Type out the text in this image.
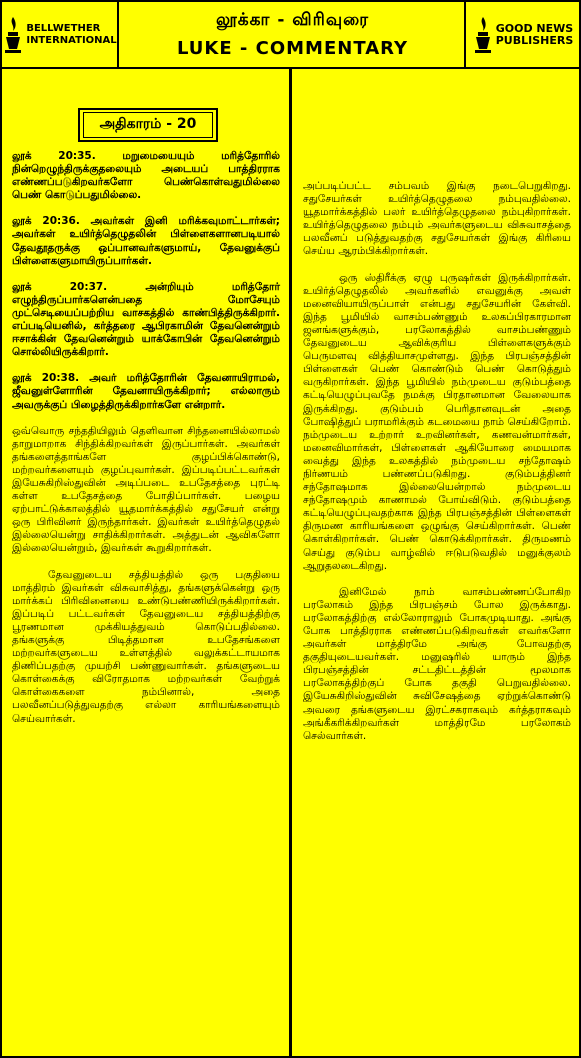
BELLWETHER
INTERNATIONAL
லூக்கா - விரிவுரை
LUKE - COMMENTARY
GOOD NEWS
PUBLISHERS
அதிகாரம் - 20

லூக் 20:35. மறுமையையும் மரித்தோரில் நின்றெழுந்திருக்குதலையும் அடையப் பாத்திரராக எண்ணப்படுகிறவர்களோ பெண்கொள்வதுமில்லை பெண் கொடுப்பதுமில்லை.

லூக் 20:36. அவர்கள் இனி மரிக்கவுமாட்டார்கள்; அவர்கள் உயிர்த்தெழுதலின் பிள்ளைகளானபடியால் தேவதூதருக்கு ஒப்பானவர்களுமாய், தேவனுக்குப் பிள்ளைகளுமாயிருப்பார்கள்.

லூக் 20:37. அன்றியும் மரித்தோர் எழுந்திருப்பார்களென்பதை மோசேயும் முட்செடியைப்பற்றிய வாசகத்தில் காண்பித்திருக்கிறார். எப்படியெனில், கர்த்தரை ஆபிரகாமின் தேவனென்றும் ஈசாக்கின் தேவனென்றும் யாக்கோபின் தேவனென்றும் சொல்லியிருக்கிறார்.

லூக் 20:38. அவர் மரித்தோரின் தேவனாயிராமல், ஜீவனுள்ளோரின் தேவனாயிருக்கிறார்; எல்லாரும் அவருக்குப் பிழைத்திருக்கிறார்களே என்றார்.

ஒவ்வொரு சந்ததியிலும் தெளிவான சிந்தனையில்லாமல் தாறுமாறாக சிந்திக்கிறவர்கள் இருப்பார்கள். அவர்கள் தங்களைத்தாங்களே குழப்பிக்கொண்டு, மற்றவர்களையும் குழப்புவார்கள். இப்படிப்பட்டவர்கள் இயேசுகிறிஸ்துவின் அடிப்படை உபதேசத்தை புரட்டி கள்ள உபதேசத்தை போதிப்பார்கள். பழைய ஏற்பாட்டுக்காலத்தில் யூதமார்க்கத்தில் சதுசேயர் என்று ஒரு பிரிவினர் இருந்தார்கள். இவர்கள் உயிர்த்தெழுதல் இல்லையென்று சாதிக்கிறார்கள். அத்துடன் ஆவிகளோ இல்லையென்றும், இவர்கள் கூறுகிறார்கள்.

தேவனுடைய சத்தியத்தில் ஒரு பகுதியை மாத்திரம் இவர்கள் விசுவாசித்து, தங்களுக்கென்று ஒரு மார்க்கப் பிரிவினையை உண்டுபண்ணியிருக்கிறார்கள். இப்படிப் பட்டவர்கள் தேவனுடைய சத்தியத்திற்கு பூரணமான முக்கியத்துவம் கொடுப்பதில்லை. தங்களுக்கு பிடித்தமான உபதேசங்களை மற்றவர்களுடைய உள்ளத்தில் வலுக்கட்டாயமாக திணிப்பதற்கு முயற்சி பண்ணுவார்கள். தங்களுடைய கொள்கைக்கு விரோதமாக மற்றவர்கள் வேற்றுக் கொள்கைகளை நம்பினால், அதை பலவீனப்படுத்துவதற்கு எல்லா காரியங்களையும் செய்வார்கள்.

அப்படிப்பட்ட சம்பவம் இங்கு நடைபெறுகிறது. சதுசேயர்கள் உயிர்த்தெழுதலை நம்புவதில்லை. யூதமார்க்கத்தில் பலர் உயிர்த்தெழுதலை நம்புகிறார்கள். உயிர்த்தெழுதலை நம்பும் அவர்களுடைய விசுவாசத்தை பலவீனப் படுத்துவதற்கு சதுசேயர்கள் இங்கு கிரியை செய்ய ஆரம்பிக்கிறார்கள்.

ஒரு ஸ்திரீக்கு ஏழு புருஷர்கள் இருக்கிறார்கள். உயிர்த்தெழுதலில் அவர்களில் எவனுக்கு அவள் மனைவியாயிருப்பாள் என்பது சதுசேயரின் கேள்வி. இந்த பூமியில் வாசம்பண்ணும் உலகப்பிரகாரமான ஜனங்களுக்கும், பரலோகத்தில் வாசம்பண்ணும் தேவனுடைய ஆவிக்குரிய பிள்ளைகளுக்கும் பெருமளவு வித்தியாசமுள்ளது. இந்த பிரபஞ்சத்தின் பிள்ளைகள் பெண் கொண்டும் பெண் கொடுத்தும் வருகிறார்கள். இந்த பூமியில் நம்முடைய குடும்பத்தை கட்டியெழுப்புவதே நமக்கு பிரதானமான வேலையாக இருக்கிறது. குடும்பம் பெரிதானவுடன் அதை போஷித்துப் பராமரிக்கும் கடமையை நாம் செய்கிறோம். நம்முடைய உற்றார் உறவினர்கள், கணவன்மார்கள், மனைவிமார்கள், பிள்ளைகள் ஆகியோரை மையமாக வைத்து இந்த உலகத்தில் நம்முடைய சந்தோஷம் நிர்ணயம் பண்ணப்படுகிறது. குடும்பத்தினர் சந்தோஷமாக இல்லையென்றால் நம்முடைய சந்தோஷமும் காணாமல் போய்விடும். குடும்பத்தை கட்டியெழுப்புவதற்காக இந்த பிரபஞ்சத்தின் பிள்ளைகள் திருமண காரியங்களை ஒழுங்கு செய்கிறார்கள். பெண் கொள்கிறார்கள். பெண் கொடுக்கிறார்கள். திருமணம் செய்து குடும்ப வாழ்வில் ஈடுபடுவதில் மனுக்குலம் ஆறுதலடைகிறது.

இனிமேல் நாம் வாசம்பண்ணப்போகிற பரலோகம் இந்த பிரபஞ்சம் போல இருக்காது. பரலோகத்திற்கு எல்லோராலும் போகமுடியாது. அங்கு போக பாத்திரராக எண்ணப்படுகிறவர்கள் எவர்களோ அவர்கள் மாத்திரமே அங்கு போவதற்கு தகுதியுடையவர்கள். மனுஷரில் யாரும் இந்த பிரபஞ்சத்தின் சட்டதிட்டத்தின் மூலமாக பரலோகத்திற்குப் போக தகுதி பெறுவதில்லை. இயேசுகிறிஸ்துவின் சுவிசேஷத்தை ஏற்றுக்கொண்டு அவரை தங்களுடைய இரட்சகராகவும் கர்த்தராகவும் அங்கீகரிக்கிறவர்கள் மாத்திரமே பரலோகம் செல்வார்கள்.
